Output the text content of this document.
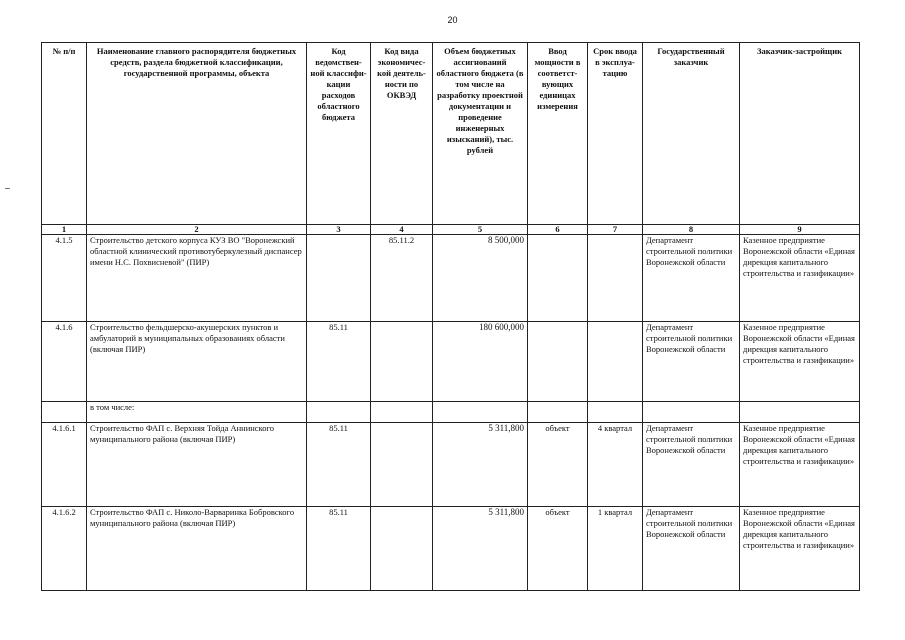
20
№ п/п	Наименование главного распорядителя бюджетных средств, раздела бюджетной классификации, государственной программы, объекта	Код ведомствен-ной классифи-кации расходов областного бюджета	Код вида экономичес-кой деятель-ности по ОКВЭД	Объем бюджетных ассигнований областного бюджета (в том числе на разработку проектной документации и проведение инженерных изысканий), тыс. рублей	Ввод мощности в соответст-вующих единицах измерения	Срок ввода в эксплуа-тацию	Государственный заказчик	Заказчик-застройщик
1	2	3	4	5	6	7	8	9
4.1.5	Строительство детского корпуса КУЗ ВО "Воронежский областной клинический противотуберкулезный диспансер имени Н.С. Похвисневой" (ПИР)		85.11.2	8 500,000			Департамент строительной политики Воронежской области	Казенное предприятие Воронежской области «Единая дирекция капитального строительства и газификации»
4.1.6	Строительство фельдшерско-акушерских пунктов и амбулаторий в муниципальных образованиях области (включая ПИР)	85.11		180 600,000			Департамент строительной политики Воронежской области	Казенное предприятие Воронежской области «Единая дирекция капитального строительства и газификации»
	в том числе:							
4.1.6.1	Строительство ФАП с. Верхняя Тойда Аннинского муниципального района (включая ПИР)	85.11		5 311,800	объект	4 квартал	Департамент строительной политики Воронежской области	Казенное предприятие Воронежской области «Единая дирекция капитального строительства и газификации»
4.1.6.2	Строительство ФАП с. Николо-Варваринка Бобровского муниципального района (включая ПИР)	85.11		5 311,800	объект	1 квартал	Департамент строительной политики Воронежской области	Казенное предприятие Воронежской области «Единая дирекция капитального строительства и газификации»
